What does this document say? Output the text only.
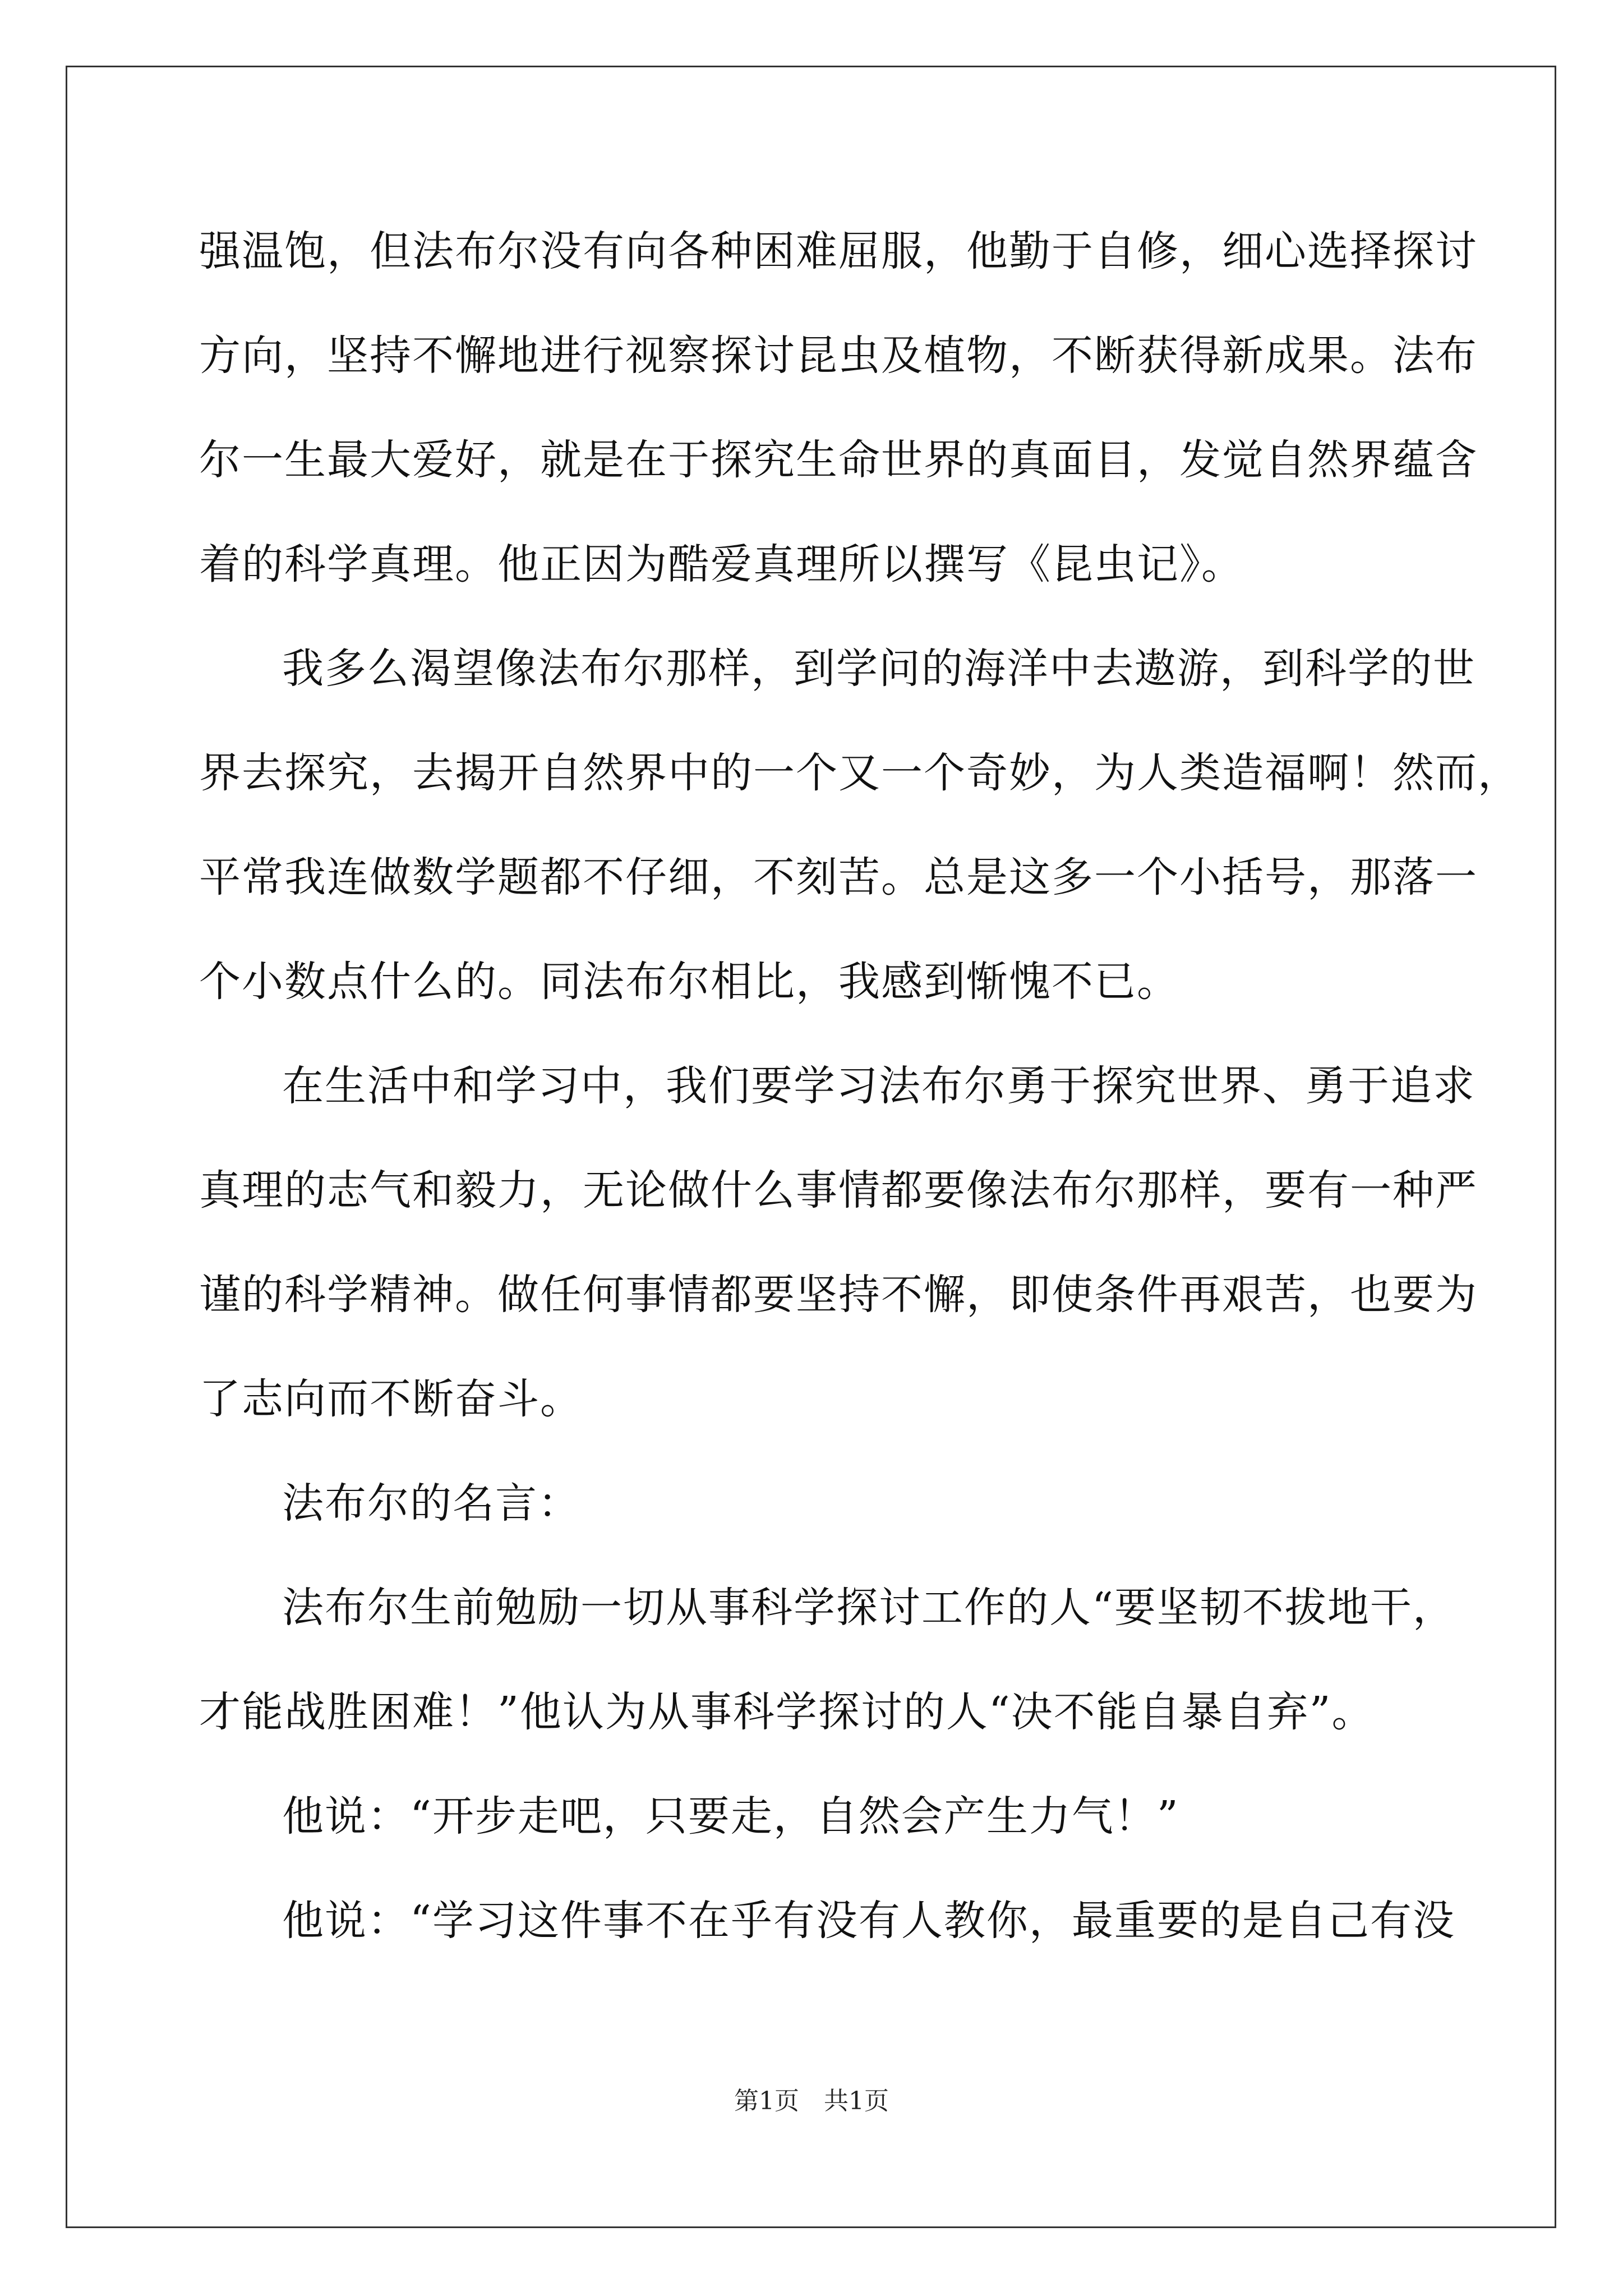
强温饱，但法布尔没有向各种困难屈服，他勤于自修，细心选择探讨

方向，坚持不懈地进行视察探讨昆虫及植物，不断获得新成果。法布

尔一生最大爱好，就是在于探究生命世界的真面目，发觉自然界蕴含

着的科学真理。他正因为酷爱真理所以撰写《昆虫记》。

我多么渴望像法布尔那样，到学问的海洋中去遨游，到科学的世

界去探究，去揭开自然界中的一个又一个奇妙，为人类造福啊！然而，

平常我连做数学题都不仔细，不刻苦。总是这多一个小括号，那落一

个小数点什么的。同法布尔相比，我感到惭愧不已。

在生活中和学习中，我们要学习法布尔勇于探究世界、勇于追求

真理的志气和毅力，无论做什么事情都要像法布尔那样，要有一种严

谨的科学精神。做任何事情都要坚持不懈，即使条件再艰苦，也要为

了志向而不断奋斗。

法布尔的名言：

法布尔生前勉励一切从事科学探讨工作的人“要坚韧不拔地干，

才能战胜困难！”他认为从事科学探讨的人“决不能自暴自弃”。

他说：“开步走吧，只要走，自然会产生力气！”

他说：“学习这件事不在乎有没有人教你，最重要的是自己有没

第1页　共1页
